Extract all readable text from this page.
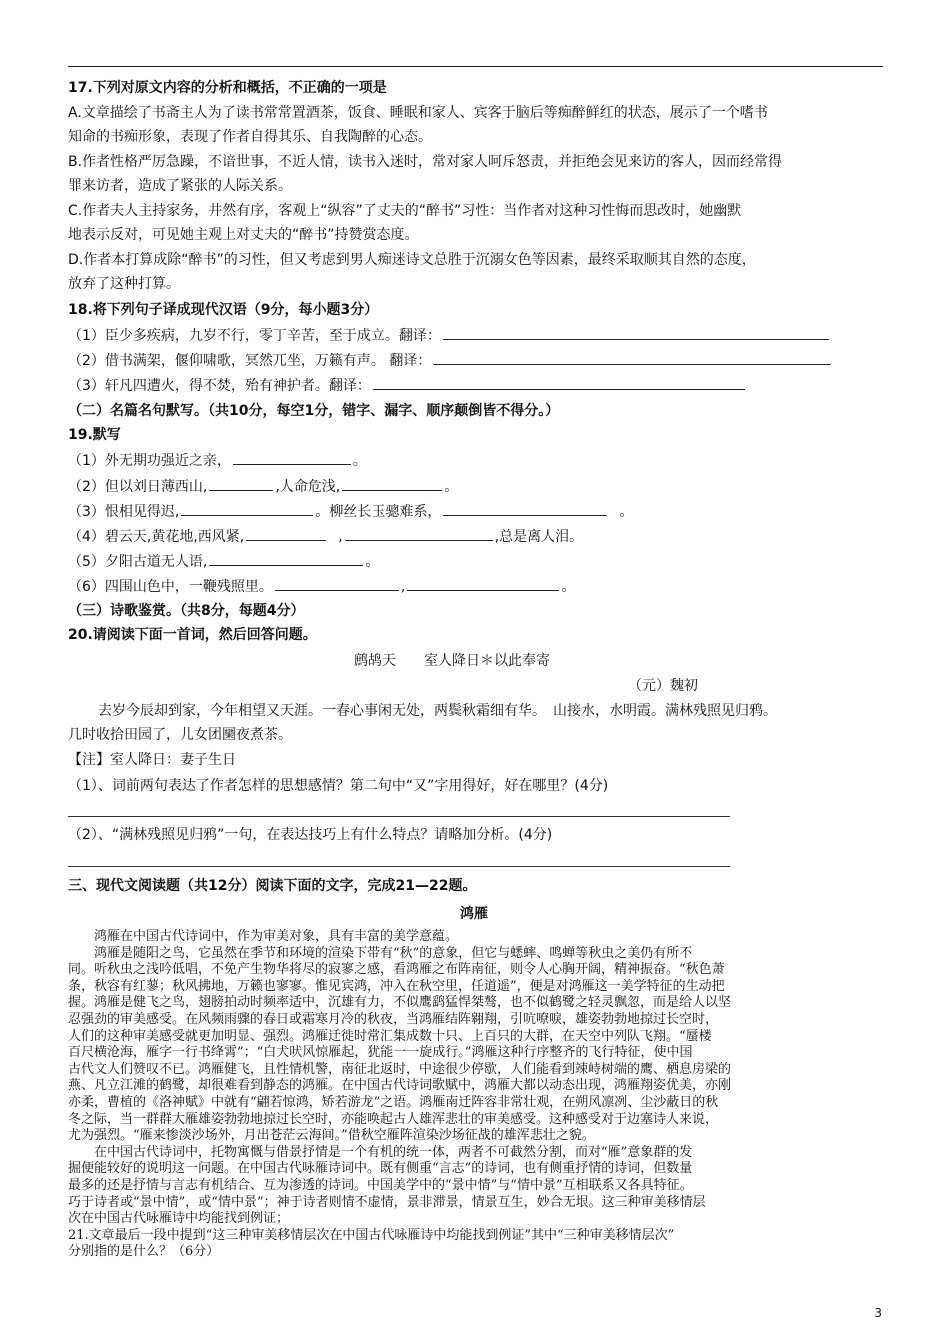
17.下列对原文内容的分析和概括，不正确的一项是
A.文章描绘了书斋主人为了读书常常置酒茶，饭食、睡眠和家人、宾客于脑后等痴醉鲜红的状态，展示了一个嗜书
知命的书痴形象，表现了作者自得其乐、自我陶醉的心态。
B.作者性格严厉急躁，不谙世事，不近人情，读书入迷时，常对家人呵斥怒责，并拒绝会见来访的客人，因而经常得
罪来访者，造成了紧张的人际关系。
C.作者夫人主持家务，井然有序，客观上“纵容”了丈夫的“醉书”习性：当作者对这种习性悔而思改时，她幽默
地表示反对，可见她主观上对丈夫的“醉书”持赞赏态度。
D.作者本打算成除“醉书”的习性，但又考虑到男人痴迷诗文总胜于沉溺女色等因素，最终采取顺其自然的态度，
放弃了这种打算。
18.将下列句子译成现代汉语（9分，每小题3分）
（1）臣少多疾病，九岁不行，零丁辛苦，至于成立。翻译：
（2）借书满架，偃仰啸歌，冥然兀坐，万籁有声。 翻译：
（3）轩凡四遭火，得不焚，殆有神护者。翻译：
（二）名篇名句默写。（共10分，每空1分，错字、漏字、顺序颠倒皆不得分。）
19.默写
（1）外无期功强近之亲，	。
（2）但以刘日薄西山,	,人命危浅,	。
（3）恨相见得迟,	。柳丝长玉骢难系，	。
（4）碧云天,黄花地,西风紧,	,	,总是离人泪。
（5）夕阳古道无人语,	。
（6）四围山色中，一鞭残照里。	,	。
（三）诗歌鉴赏。（共8分，每题4分）
20.请阅读下面一首词，然后回答问题。
鹧鸪天　　室人降日＊以此奉寄
（元）魏初
去岁今辰却到家，今年相望又天涯。一春心事闲无处，两鬓秋霜细有华。　山接水，水明霞。满林残照见归鸦。
几时收拾田园了，儿女团圞夜煮茶。
【注】室人降日：妻子生日
（1）、词前两句表达了作者怎样的思想感情？第二句中“又”字用得好，好在哪里？(4分)
（2）、“满林残照见归鸦”一句，在表达技巧上有什么特点？请略加分析。(4分)
三、现代文阅读题（共12分）阅读下面的文字，完成21—22题。
鸿雁
　　鸿雁在中国古代诗词中，作为审美对象，具有丰富的美学意蕴。
　　鸿雁是随阳之鸟，它虽然在季节和环境的渲染下带有“秋”的意象，但它与蟋蟀、鸣蝉等秋虫之美仍有所不
同。听秋虫之浅吟低唱，不免产生物华将尽的寂寥之感，看鸿雁之布阵南征，则令人心胸开阔，精神振奋。“秋色萧
条，秋容有红蓼；秋风拂地，万籁也寥寥。惟见宾鸿，冲入在秋空里，任道遥”，便是对鸿雁这一美学特征的生动把
握。鸿雁是健飞之鸟，翅膀拍动时频率适中，沉雄有力，不似鹰鹞猛悍桀骜，也不似鹤鹭之轻灵飘忽，而是给人以坚
忍强劲的审美感受。在风频雨骤的春日或霜寒月冷的秋夜，当鸿雁结阵翱翔，引吭嘹唳，雄姿勃勃地掠过长空时，
人们的这种审美感受就更加明显、强烈。鸿雁迁徙时常汇集成数十只、上百只的大群，在天空中列队飞翔。“蜃楼
百尺横沧海，雁字一行书绛霄”；“白犬吠风惊雁起，犹能一一旋成行。”鸿雁这种行序整齐的飞行特征，使中国
古代文人们赞叹不已。鸿雁健飞，且性情机警，南征北返时，中途很少停歇，人们能看到竦峙树端的鹰、栖息房梁的
燕、凡立江滩的鹤鹭，却很难看到静态的鸿雁。在中国古代诗词歌赋中，鸿雁大都以动态出现，鸿雁翔姿优美，亦刚
亦柔，曹植的《洛神赋》中就有“翩若惊鸿，矫若游龙”之语。鸿雁南迁阵容非常壮观，在朔风凛冽、尘沙蔽日的秋
冬之际，当一群群大雁雄姿勃勃地掠过长空时，亦能唤起古人雄浑悲壮的审美感受。这种感受对于边塞诗人来说，
尤为强烈。“雁来惨淡沙场外，月出苍茫云海间。”借秋空雁阵渲染沙场征战的雄浑悲壮之貌。
　　在中国古代诗词中，托物寓慨与借景抒情是一个有机的统一体，两者不可截然分割，而对“雁”意象群的发
掘便能较好的说明这一问题。在中国古代咏雁诗词中。既有侧重“言志”的诗词，也有侧重抒情的诗词，但数量
最多的还是抒情与言志有机结合、互为渗透的诗词。中国美学中的“景中情”与“情中景”互相联系又各具特征。
巧于诗者或“景中情”，或“情中景”；神于诗者则情不虚情，景非滞景，情景互生，妙合无垠。这三种审美移情层
次在中国古代咏雁诗中均能找到例证；
21.文章最后一段中提到“这三种审美移情层次在中国古代咏雁诗中均能找到例证”其中“三种审美移情层次”
分别指的是什么？（6分）
3
